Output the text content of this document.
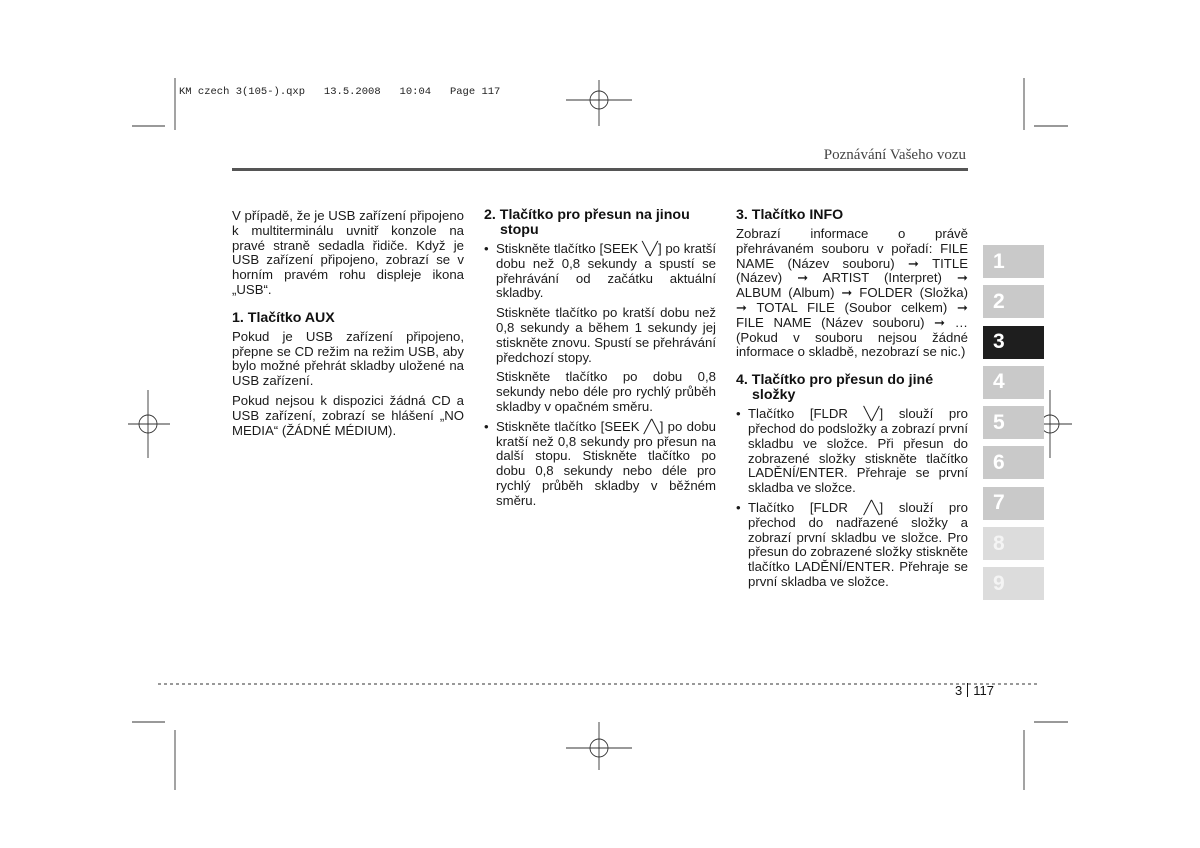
KM czech 3(105-).qxp   13.5.2008   10:04   Page 117
Poznávání Vašeho vozu

V případě, že je USB zařízení připojeno k multiterminálu uvnitř konzole na pravé straně sedadla řidiče. Když je USB zařízení připojeno, zobrazí se v horním pravém rohu displeje ikona „USB“.

1. Tlačítko AUX

Pokud je USB zařízení připojeno, přepne se CD režim na režim USB, aby bylo možné přehrát skladby uložené na USB zařízení.

Pokud nejsou k dispozici žádná CD a USB zařízení, zobrazí se hlášení „NO MEDIA“ (ŽÁDNÉ MÉDIUM).

2. Tlačítko pro přesun na jinou stopu
• Stiskněte tlačítko [SEEK ╲╱] po kratší dobu než 0,8 sekundy a spustí se přehrávání od začátku aktuální skladby.

Stiskněte tlačítko po kratší dobu než 0,8 sekundy a během 1 sekundy jej stiskněte znovu. Spustí se přehrávání předchozí stopy.

Stiskněte tlačítko po dobu 0,8 sekundy nebo déle pro rychlý průběh skladby v opačném směru.

• Stiskněte tlačítko [SEEK ╱╲] po dobu kratší než 0,8 sekundy pro přesun na další stopu. Stiskněte tlačítko po dobu 0,8 sekundy nebo déle pro rychlý průběh skladby v běžném směru.
3. Tlačítko INFO

Zobrazí informace o právě přehrávaném souboru v pořadí: FILE NAME (Název souboru) ➞ TITLE (Název) ➞ ARTIST (Interpret) ➞ ALBUM (Album) ➞ FOLDER (Složka) ➞ TOTAL FILE (Soubor celkem) ➞ FILE NAME (Název souboru) ➞ … (Pokud v souboru nejsou žádné informace o skladbě, nezobrazí se nic.)

4. Tlačítko pro přesun do jiné složky
• Tlačítko [FLDR ╲╱] slouží pro přechod do podsložky a zobrazí první skladbu ve složce. Při přesun do zobrazené složky stiskněte tlačítko LADĚNÍ/ENTER. Přehraje se první skladba ve složce.
• Tlačítko [FLDR ╱╲] slouží pro přechod do nadřazené složky a zobrazí první skladbu ve složce. Pro přesun do zobrazené složky stiskněte tlačítko LADĚNÍ/ENTER. Přehraje se první skladba ve složce.
1
2
3
4
5
6
7
8
9
3 117
